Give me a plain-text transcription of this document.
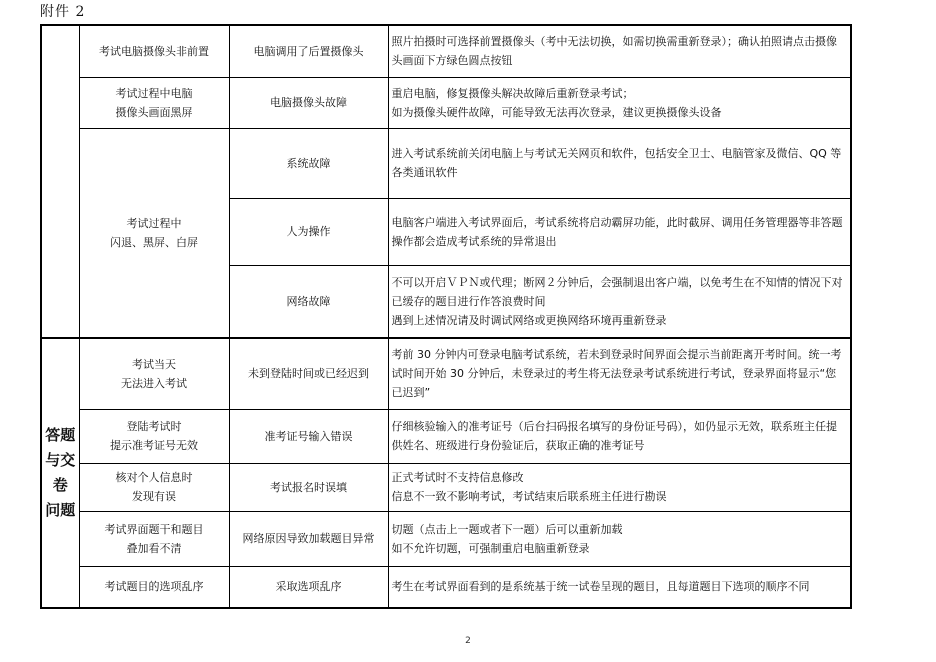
附件 2

	考试电脑摄像头非前置	电脑调用了后置摄像头	照片拍摄时可选择前置摄像头（考中无法切换，如需切换需重新登录）；确认拍照请点击摄像头画面下方绿色圆点按钮

	考试过程中电脑
摄像头画面黑屏	电脑摄像头故障	重启电脑，修复摄像头解决故障后重新登录考试；
如为摄像头硬件故障，可能导致无法再次登录，建议更换摄像头设备

	考试过程中
闪退、黑屏、白屏	系统故障	进入考试系统前关闭电脑上与考试无关网页和软件，包括安全卫士、电脑管家及微信、QQ 等各类通讯软件

		人为操作	电脑客户端进入考试界面后，考试系统将启动霸屏功能，此时截屏、调用任务管理器等非答题操作都会造成考试系统的异常退出

		网络故障	不可以开启ＶＰＮ或代理；断网２分钟后，会强制退出客户端，以免考生在不知情的情况下对已缓存的题目进行作答浪费时间
遇到上述情况请及时调试网络或更换网络环境再重新登录

答题
与交
卷
问题	考试当天
无法进入考试	未到登陆时间或已经迟到	考前 30 分钟内可登录电脑考试系统，若未到登录时间界面会提示当前距离开考时间。统一考试时间开始 30 分钟后，未登录过的考生将无法登录考试系统进行考试，登录界面将显示“您已迟到”

	登陆考试时
提示准考证号无效	准考证号输入错误	仔细核验输入的准考证号（后台扫码报名填写的身份证号码），如仍显示无效，联系班主任提供姓名、班级进行身份验证后，获取正确的准考证号

	核对个人信息时
发现有误	考试报名时误填	正式考试时不支持信息修改
信息不一致不影响考试，考试结束后联系班主任进行勘误

	考试界面题干和题目
叠加看不清	网络原因导致加载题目异常	切题（点击上一题或者下一题）后可以重新加载
如不允许切题，可强制重启电脑重新登录

	考试题目的选项乱序	采取选项乱序	考生在考试界面看到的是系统基于统一试卷呈现的题目，且每道题目下选项的顺序不同
2
